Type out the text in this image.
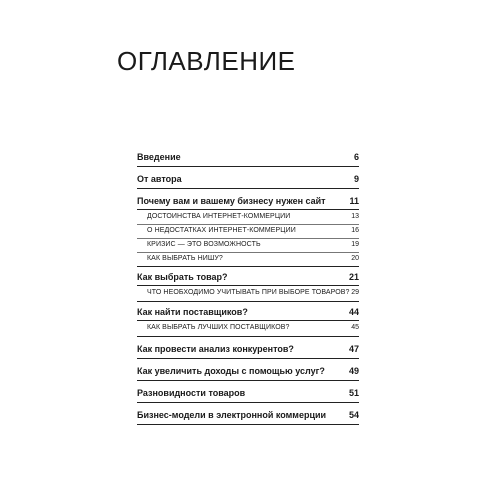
ОГЛАВЛЕНИЕ
Введение	6
От автора	9
Почему вам и вашему бизнесу нужен сайт	11
ДОСТОИНСТВА ИНТЕРНЕТ-КОММЕРЦИИ	13
О НЕДОСТАТКАХ ИНТЕРНЕТ-КОММЕРЦИИ	16
КРИЗИС — ЭТО ВОЗМОЖНОСТЬ	19
КАК ВЫБРАТЬ НИШУ?	20
Как выбрать товар?	21
ЧТО НЕОБХОДИМО УЧИТЫВАТЬ ПРИ ВЫБОРЕ ТОВАРОВ? 29
Как найти поставщиков?	44
КАК ВЫБРАТЬ ЛУЧШИХ ПОСТАВЩИКОВ?	45
Как провести анализ конкурентов?	47
Как увеличить доходы с помощью услуг?	49
Разновидности товаров	51
Бизнес-модели в электронной коммерции	54
